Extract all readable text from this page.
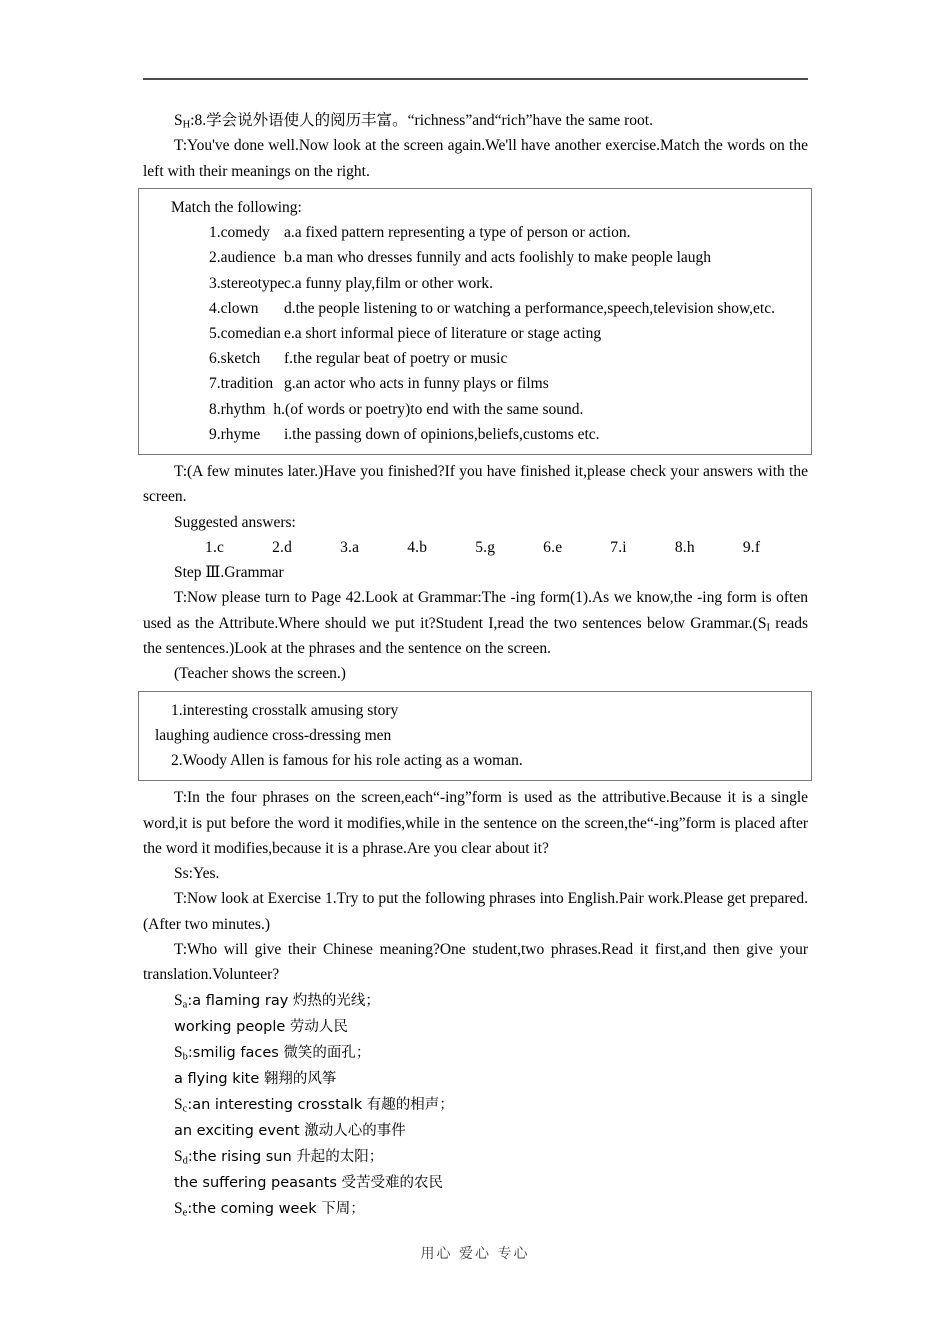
$S_H:8$.学会说外语使人的阅历丰富。“richness”and“rich”have the same root.

T:You've done well.Now look at the screen again.We'll have another exercise.Match the words on the left with their meanings on the right.

Match the following:

1.comedy a.a fixed pattern representing a type of person or action.

2.audience b.a man who dresses funnily and acts foolishly to make people laugh

3.stereotypec.a funny play,film or other work.

4.clown d.the people listening to or watching a performance,speech,television show,etc.

5.comedian e.a short informal piece of literature or stage acting

6.sketch f.the regular beat of poetry or music

7.tradition g.an actor who acts in funny plays or films

8.rhythm h.(of words or poetry)to end with the same sound.

9.rhyme i.the passing down of opinions,beliefs,customs etc.

T:(A few minutes later.)Have you finished?If you have finished it,please check your answers with the screen.

Suggested answers:

1.c	2.d	3.a	4.b	5.g	6.e	7.i	8.h	9.f

Step Ⅲ.Grammar

T:Now please turn to Page 42.Look at Grammar:The -ing form(1).As we know,the -ing form is often used as the Attribute.Where should we put it?Student I,read the two sentences below $Grammar.(S_I$ reads the sentences.)Look at the phrases and the sentence on the screen.

(Teacher shows the screen.)

1.interesting crosstalk amusing story

laughing audience cross-dressing men

2.Woody Allen is famous for his role acting as a woman.

T:In the four phrases on the screen,each“-ing”form is used as the attributive.Because it is a single word,it is put before the word it modifies,while in the sentence on the screen,the“-ing”form is placed after the word it modifies,because it is a phrase.Are you clear about it?

Ss:Yes.

T:Now look at Exercise 1.Try to put the following phrases into English.Pair work.Please get prepared.(After two minutes.)

T:Who will give their Chinese meaning?One student,two phrases.Read it first,and then give your translation.Volunteer?

$S_a:a$ flaming ray 灼热的光线；

working people 劳动人民

$S_b:smilig$ faces 微笑的面孔；

a flying kite 翱翔的风筝

$S_c:an$ interesting crosstalk 有趣的相声；

an exciting event 激动人心的事件

$S_d:the$ rising sun 升起的太阳；

the suffering peasants 受苦受难的农民

$S_e:the$ coming week 下周；

用心 爱心 专心
